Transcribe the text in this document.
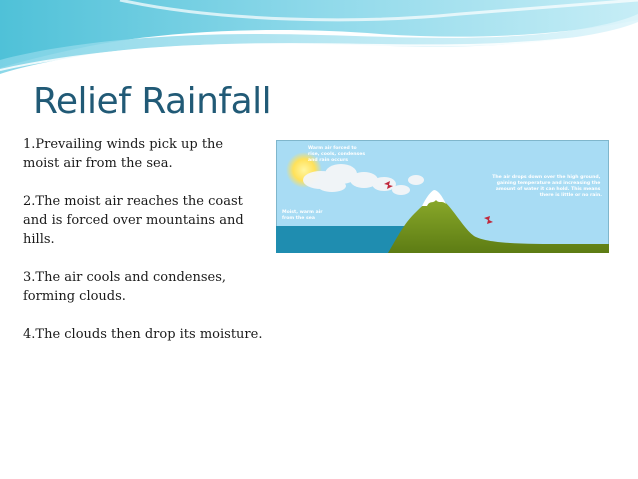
Relief Rainfall

1.Prevailing winds pick up the moist air from the sea.

2.The moist air reaches the coast and is forced over mountains and hills.

3.The air cools and condenses, forming clouds.

4.The clouds then drop its moisture.

Warm air forced to rise, cools, condenses and rain occurs
Moist, warm air from the sea
The air drops down over the high ground, gaining temperature and increasing the amount of water it can hold. This means there is little or no rain.
